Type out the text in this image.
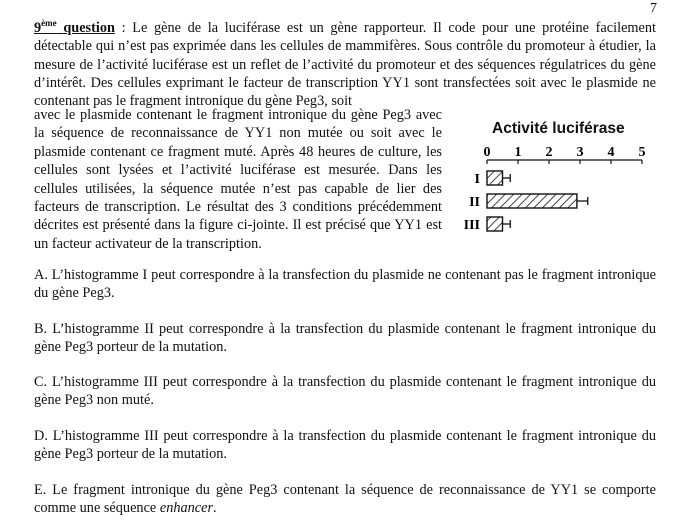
7

9ème question : Le gène de la luciférase est un gène rapporteur. Il code pour une protéine facilement détectable qui n’est pas exprimée dans les cellules de mammifères. Sous contrôle du promoteur à étudier, la mesure de l’activité luciférase est un reflet de l’activité du promoteur et des séquences régulatrices du gène d’intérêt. Des cellules exprimant le facteur de transcription YY1 sont transfectées soit avec le plasmide ne contenant pas le fragment intronique du gène Peg3, soit

avec le plasmide contenant le fragment intronique du gène Peg3 avec la séquence de reconnaissance de YY1 non mutée ou soit avec le plasmide contenant ce fragment muté. Après 48 heures de culture, les cellules sont lysées et l’activité luciférase est mesurée. Dans les cellules utilisées, la séquence mutée n’est pas capable de lier des facteurs de transcription. Le résultat des 3 conditions précédemment décrites est présenté dans la figure ci-jointe. Il est précisé que YY1 est un facteur activateur de la transcription.

Activité luciférase
0 1 2 3 4 5
I
II
III

A. L’histogramme I peut correspondre à la transfection du plasmide ne contenant pas le fragment intronique du gène Peg3.

B. L’histogramme II peut correspondre à la transfection du plasmide contenant le fragment intronique du gène Peg3 porteur de la mutation.

C. L’histogramme III peut correspondre à la transfection du plasmide contenant le fragment intronique du gène Peg3 non muté.

D. L’histogramme III peut correspondre à la transfection du plasmide contenant le fragment intronique du gène Peg3 porteur de la mutation.

E. Le fragment intronique du gène Peg3 contenant la séquence de reconnaissance de YY1 se comporte comme une séquence enhancer.
